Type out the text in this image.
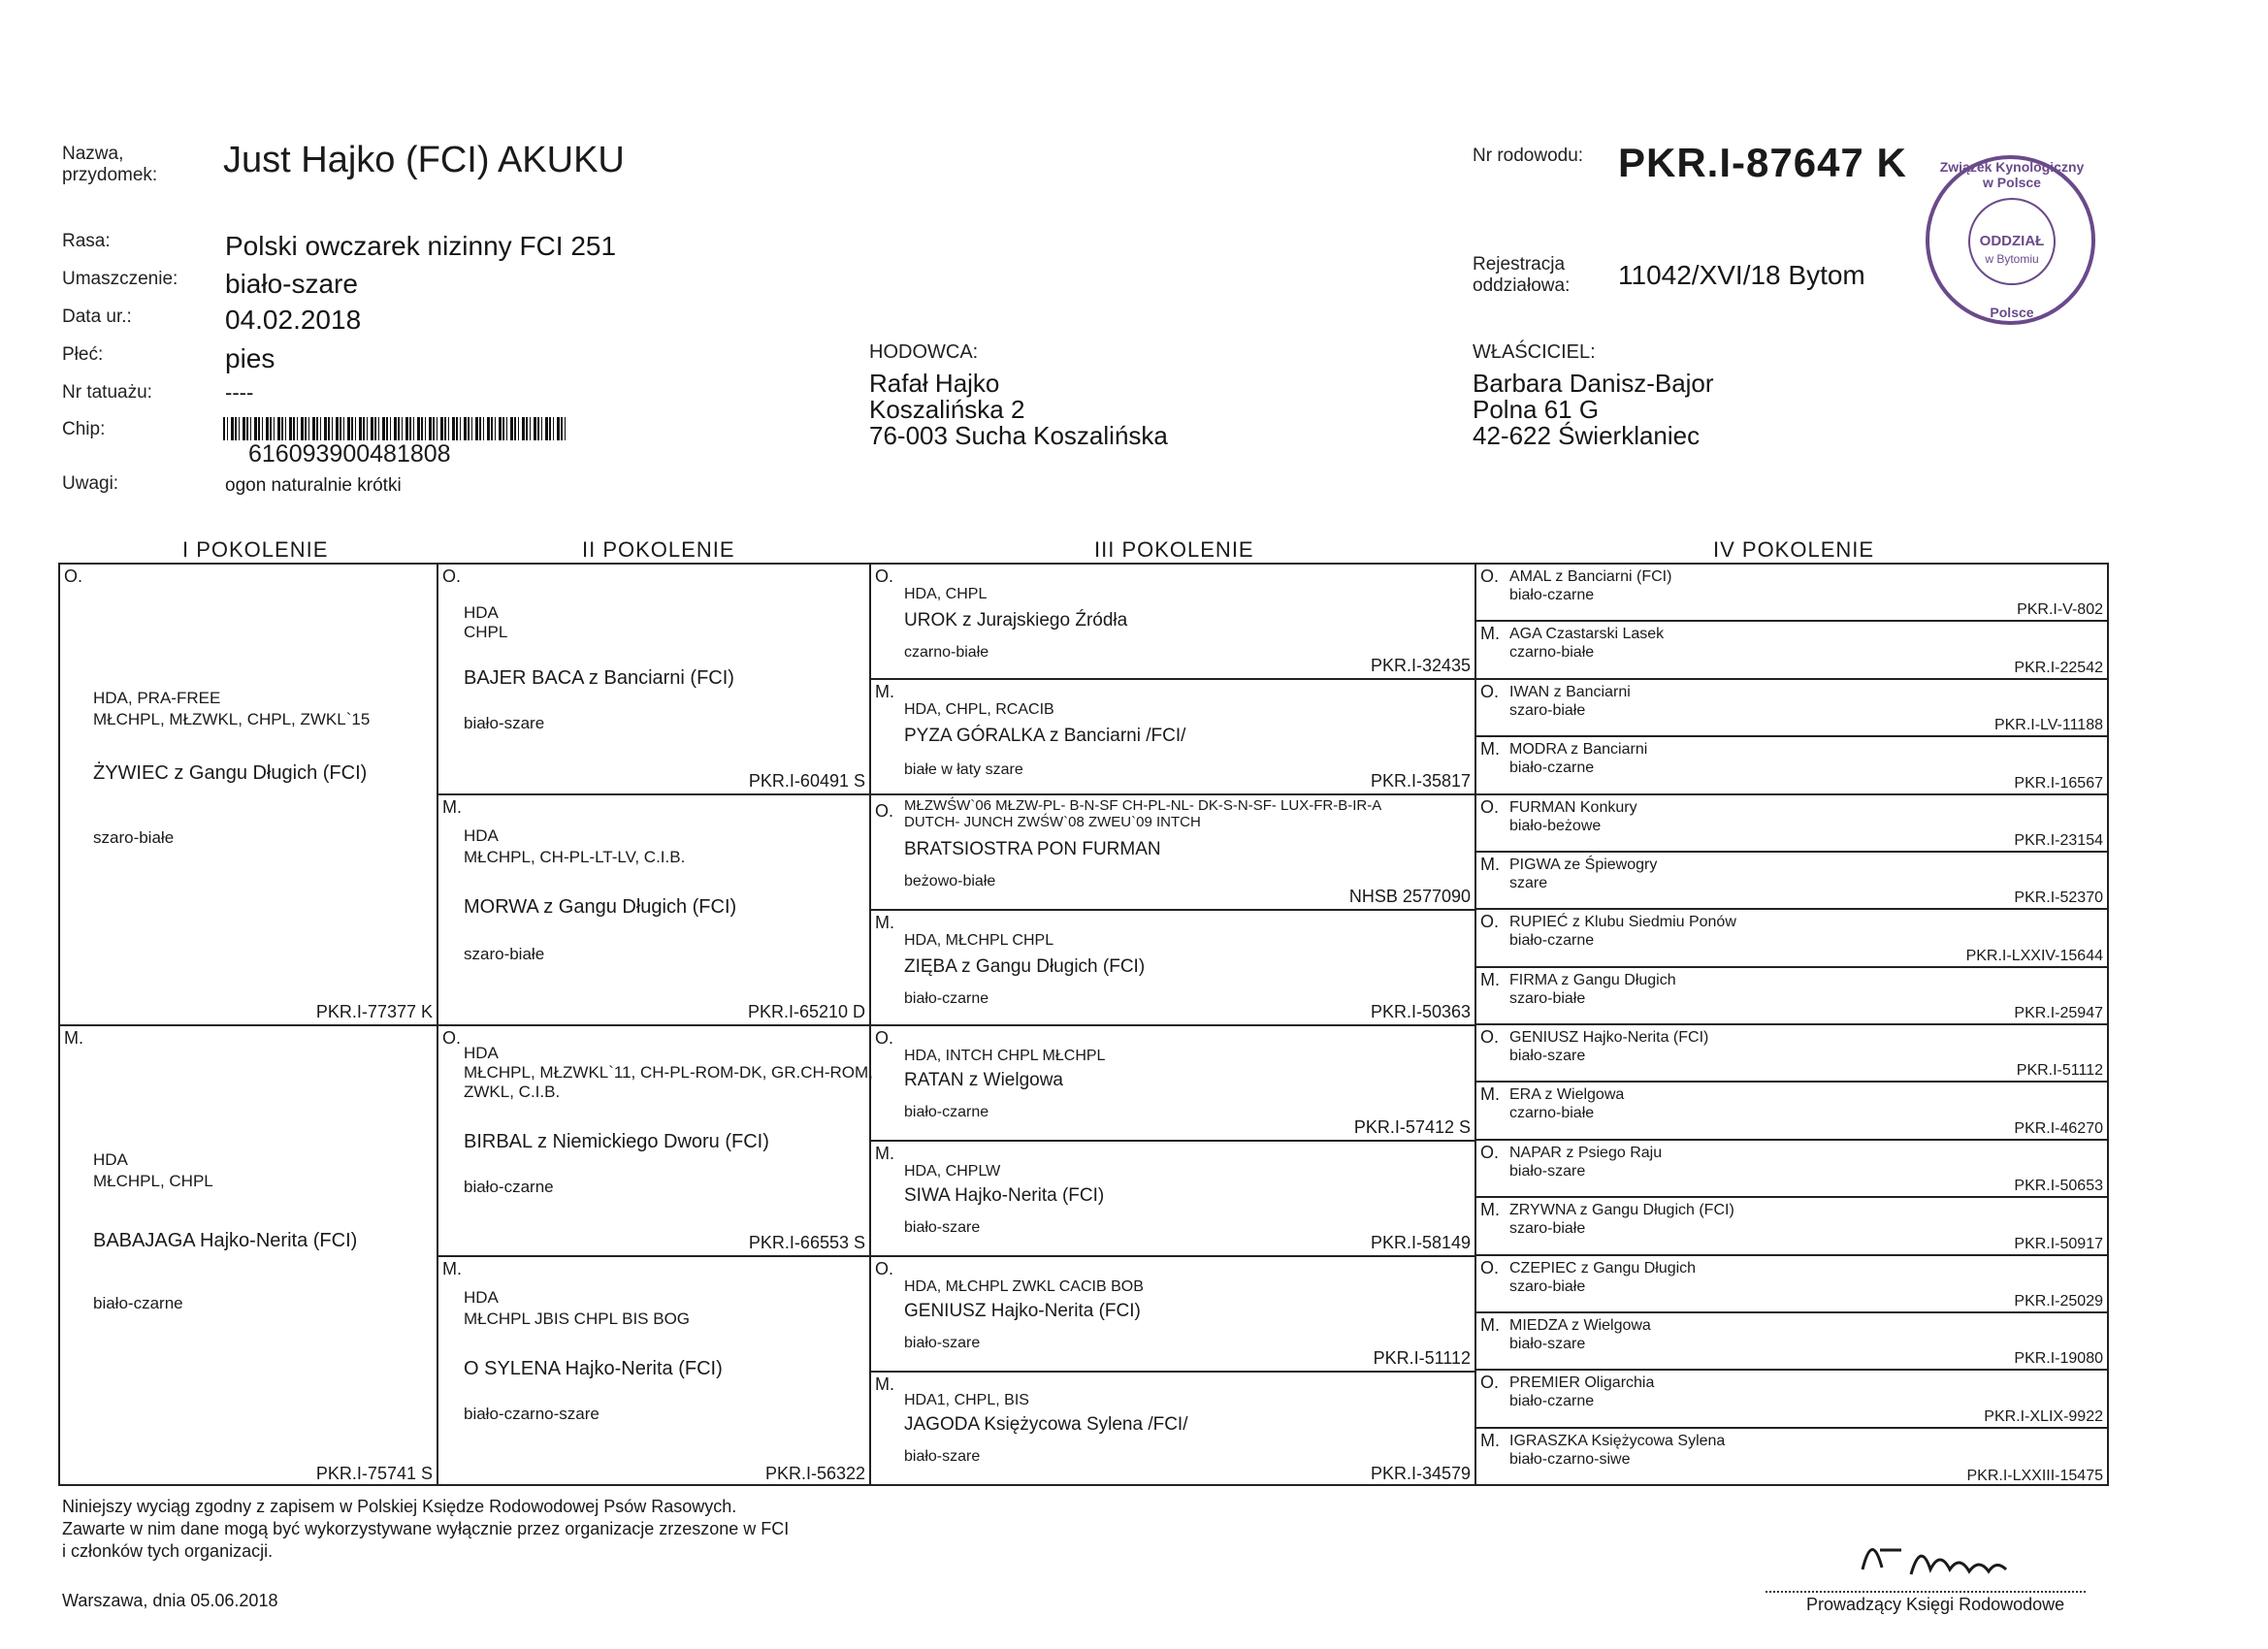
Nazwa,
przydomek: Just Hajko (FCI) AKUKU
Rasa:	Polski owczarek nizinny FCI 251
Umaszczenie: biało-szare
Data ur.:	04.02.2018
Płeć:	pies
Nr tatuażu:	----
Chip:
616093900481808
Uwagi:	ogon naturalnie krótki
Nr rodowodu: PKR.I-87647 K
Rejestracja oddziałowa:	11042/XVI/18 Bytom
Związek Kynologiczny w Polsce
ODDZIAŁ
w Bytomiu
Polsce
HODOWCA:
Rafał Hajko
Koszalińska 2
76-003 Sucha Koszalińska
WŁAŚCICIEL:
Barbara Danisz-Bajor
Polna 61 G
42-622 Świerklaniec
I POKOLENIE	II POKOLENIE	III POKOLENIE	IV POKOLENIE
O.
HDA, PRA-FREE
MŁCHPL, MŁZWKL, CHPL, ZWKL`15
ŻYWIEC z Gangu Długich (FCI)
szaro-białe
PKR.I-77377 K
M.
HDA
MŁCHPL, CHPL
BABAJAGA Hajko-Nerita (FCI)
biało-czarne
PKR.I-75741 S
O.
HDA
CHPL
BAJER BACA z Banciarni (FCI)
biało-szare
PKR.I-60491 S
M.
HDA
MŁCHPL, CH-PL-LT-LV, C.I.B.
MORWA z Gangu Długich (FCI)
szaro-białe
PKR.I-65210 D
O.
HDA
MŁCHPL, MŁZWKL`11, CH-PL-ROM-DK, GR.CH-ROM,
ZWKL, C.I.B.
BIRBAL z Niemickiego Dworu (FCI)
biało-czarne
PKR.I-66553 S
M.
HDA
MŁCHPL JBIS CHPL BIS BOG
O SYLENA Hajko-Nerita (FCI)
biało-czarno-szare
PKR.I-56322
O.
HDA, CHPL
UROK z Jurajskiego Źródła
czarno-białe
PKR.I-32435
M.
HDA, CHPL, RCACIB
PYZA GÓRALKA z Banciarni /FCI/
białe w łaty szare
PKR.I-35817
O. MŁZWŚW`06 MŁZW-PL- B-N-SF CH-PL-NL- DK-S-N-SF- LUX-FR-B-IR-A
DUTCH- JUNCH ZWŚW`08 ZWEU`09 INTCH
BRATSIOSTRA PON FURMAN
beżowo-białe
NHSB 2577090
M.
HDA, MŁCHPL CHPL
ZIĘBA z Gangu Długich (FCI)
biało-czarne
PKR.I-50363
O.
HDA, INTCH CHPL MŁCHPL
RATAN z Wielgowa
biało-czarne
PKR.I-57412 S
M.
HDA, CHPLW
SIWA Hajko-Nerita (FCI)
biało-szare
PKR.I-58149
O.
HDA, MŁCHPL ZWKL CACIB BOB
GENIUSZ Hajko-Nerita (FCI)
biało-szare
PKR.I-51112
M.
HDA1, CHPL, BIS
JAGODA Księżycowa Sylena /FCI/
biało-szare
PKR.I-34579
O. AMAL z Banciarni (FCI)
biało-czarne
PKR.I-V-802
M. AGA Czastarski Lasek
czarno-białe
PKR.I-22542
O. IWAN z Banciarni
szaro-białe
PKR.I-LV-11188
M. MODRA z Banciarni
biało-czarne
PKR.I-16567
O. FURMAN Konkury
biało-beżowe
PKR.I-23154
M. PIGWA ze Śpiewogry
szare
PKR.I-52370
O. RUPIEĆ z Klubu Siedmiu Ponów
biało-czarne
PKR.I-LXXIV-15644
M. FIRMA z Gangu Długich
szaro-białe
PKR.I-25947
O. GENIUSZ Hajko-Nerita (FCI)
biało-szare
PKR.I-51112
M. ERA z Wielgowa
czarno-białe
PKR.I-46270
O. NAPAR z Psiego Raju
biało-szare
PKR.I-50653
M. ZRYWNA z Gangu Długich (FCI)
szaro-białe
PKR.I-50917
O. CZEPIEC z Gangu Długich
szaro-białe
PKR.I-25029
M. MIEDZA z Wielgowa
biało-szare
PKR.I-19080
O. PREMIER Oligarchia
biało-czarne
PKR.I-XLIX-9922
M. IGRASZKA Księżycowa Sylena
biało-czarno-siwe
PKR.I-LXXIII-15475
Niniejszy wyciąg zgodny z zapisem w Polskiej Księdze Rodowodowej Psów Rasowych.
Zawarte w nim dane mogą być wykorzystywane wyłącznie przez organizacje zrzeszone w FCI
i członków tych organizacji.
Warszawa, dnia 05.06.2018	Prowadzący Księgi Rodowodowe
